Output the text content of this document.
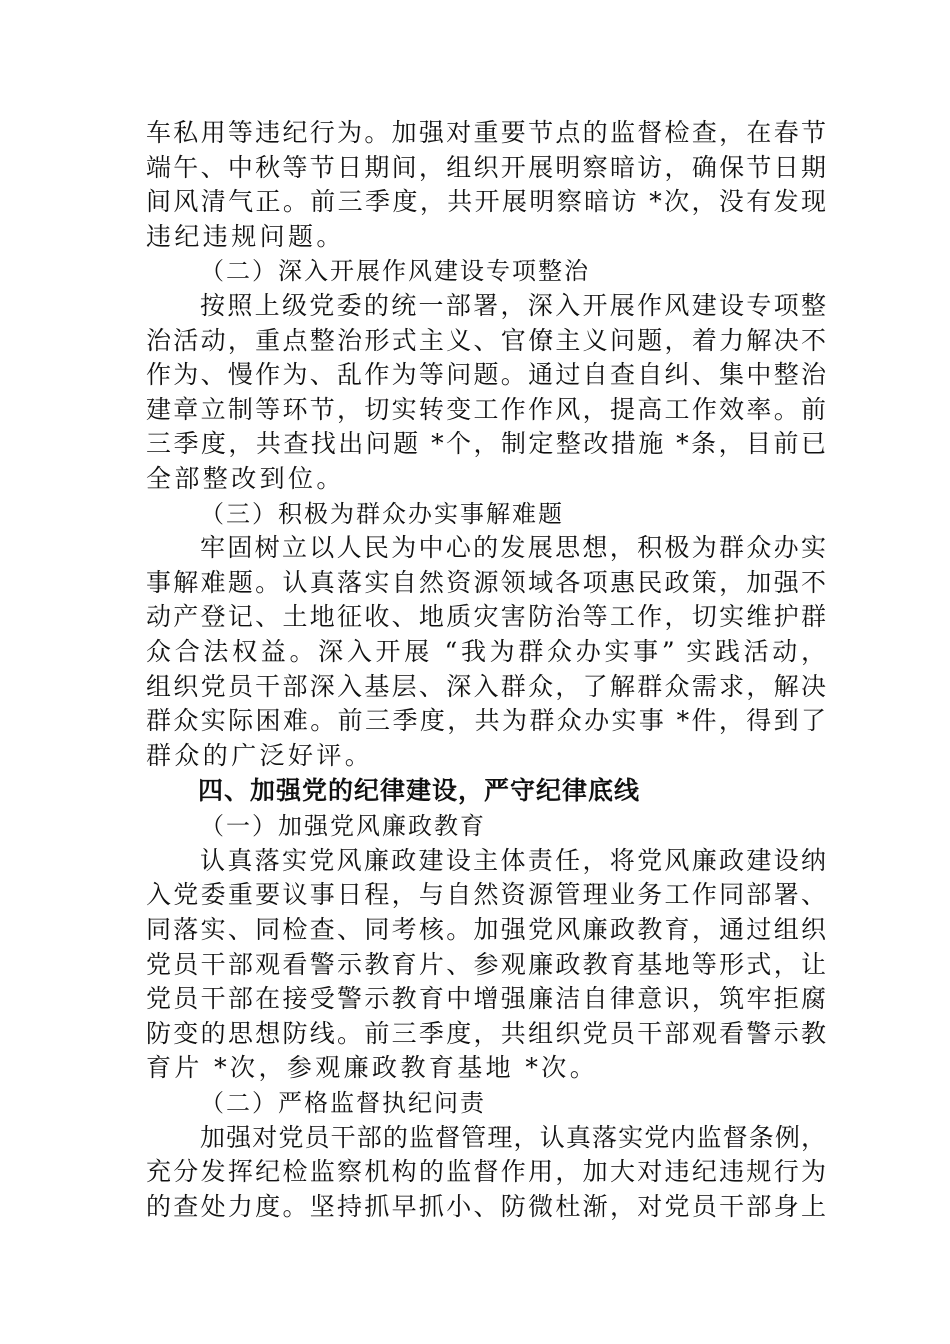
车私用等违纪行为。加强对重要节点的监督检查，在春节
端午、中秋等节日期间，组织开展明察暗访，确保节日期
间风清气正。前三季度，共开展明察暗访 *次，没有发现
违纪违规问题。
（二）深入开展作风建设专项整治
按照上级党委的统一部署，深入开展作风建设专项整
治活动，重点整治形式主义、官僚主义问题，着力解决不
作为、慢作为、乱作为等问题。通过自查自纠、集中整治
建章立制等环节，切实转变工作作风，提高工作效率。前
三季度，共查找出问题 *个，制定整改措施 *条，目前已
全部整改到位。
（三）积极为群众办实事解难题
牢固树立以人民为中心的发展思想，积极为群众办实
事解难题。认真落实自然资源领域各项惠民政策，加强不
动产登记、土地征收、地质灾害防治等工作，切实维护群
众合法权益。深入开展 “我为群众办实事” 实践活动，
组织党员干部深入基层、深入群众，了解群众需求，解决
群众实际困难。前三季度，共为群众办实事 *件，得到了
群众的广泛好评。
四、加强党的纪律建设，严守纪律底线
（一）加强党风廉政教育
认真落实党风廉政建设主体责任，将党风廉政建设纳
入党委重要议事日程，与自然资源管理业务工作同部署、
同落实、同检查、同考核。加强党风廉政教育，通过组织
党员干部观看警示教育片、参观廉政教育基地等形式，让
党员干部在接受警示教育中增强廉洁自律意识，筑牢拒腐
防变的思想防线。前三季度，共组织党员干部观看警示教
育片 *次，参观廉政教育基地 *次。
（二）严格监督执纪问责
加强对党员干部的监督管理，认真落实党内监督条例，
充分发挥纪检监察机构的监督作用，加大对违纪违规行为
的查处力度。坚持抓早抓小、防微杜渐，对党员干部身上
